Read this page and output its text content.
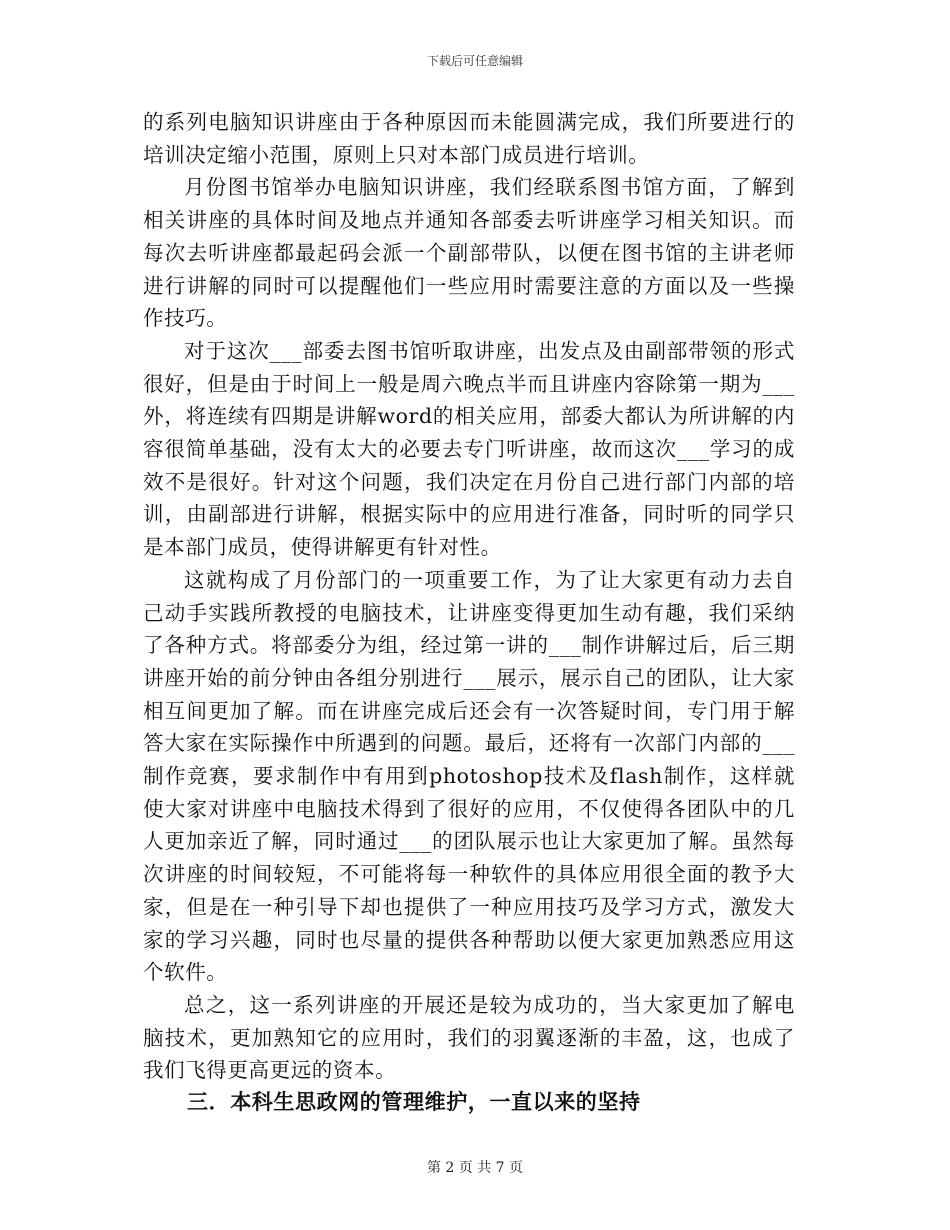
下载后可任意编辑

的系列电脑知识讲座由于各种原因而未能圆满完成，我们所要进行的培训决定缩小范围，原则上只对本部门成员进行培训。

月份图书馆举办电脑知识讲座，我们经联系图书馆方面，了解到相关讲座的具体时间及地点并通知各部委去听讲座学习相关知识。而每次去听讲座都最起码会派一个副部带队，以便在图书馆的主讲老师进行讲解的同时可以提醒他们一些应用时需要注意的方面以及一些操作技巧。

对于这次___部委去图书馆听取讲座，出发点及由副部带领的形式很好，但是由于时间上一般是周六晚点半而且讲座内容除第一期为___外，将连续有四期是讲解word的相关应用，部委大都认为所讲解的内容很简单基础，没有太大的必要去专门听讲座，故而这次___学习的成效不是很好。针对这个问题，我们决定在月份自己进行部门内部的培训，由副部进行讲解，根据实际中的应用进行准备，同时听的同学只是本部门成员，使得讲解更有针对性。

这就构成了月份部门的一项重要工作，为了让大家更有动力去自己动手实践所教授的电脑技术，让讲座变得更加生动有趣，我们采纳了各种方式。将部委分为组，经过第一讲的___制作讲解过后，后三期讲座开始的前分钟由各组分别进行___展示，展示自己的团队，让大家相互间更加了解。而在讲座完成后还会有一次答疑时间，专门用于解答大家在实际操作中所遇到的问题。最后，还将有一次部门内部的___制作竞赛，要求制作中有用到photoshop技术及flash制作，这样就使大家对讲座中电脑技术得到了很好的应用，不仅使得各团队中的几人更加亲近了解，同时通过___的团队展示也让大家更加了解。虽然每次讲座的时间较短，不可能将每一种软件的具体应用很全面的教予大家，但是在一种引导下却也提供了一种应用技巧及学习方式，激发大家的学习兴趣，同时也尽量的提供各种帮助以便大家更加熟悉应用这个软件。

总之，这一系列讲座的开展还是较为成功的，当大家更加了解电脑技术，更加熟知它的应用时，我们的羽翼逐渐的丰盈，这，也成了我们飞得更高更远的资本。

三．本科生思政网的管理维护，一直以来的坚持
第 2 页 共 7 页
